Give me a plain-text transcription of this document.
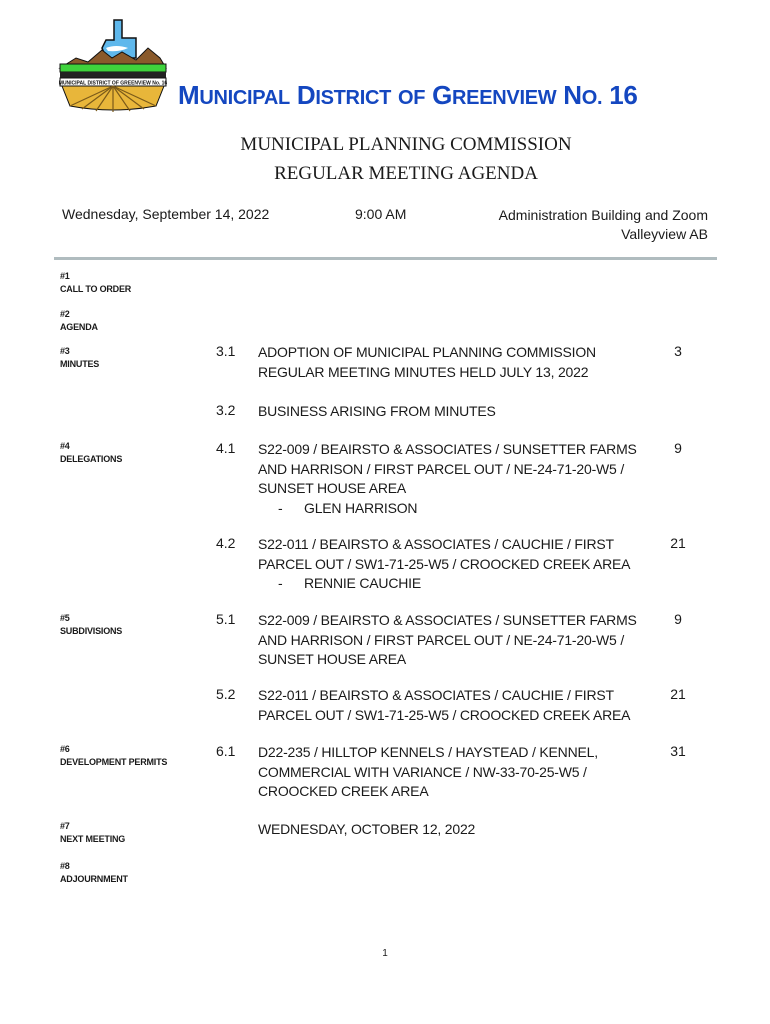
MUNICIPAL DISTRICT OF GREENVIEW No. 16 MUNICIPAL DISTRICT OF GREENVIEW NO. 16
MUNICIPAL PLANNING COMMISSION
REGULAR MEETING AGENDA
Wednesday, September 14, 2022	9:00 AM	Administration Building and Zoom
Valleyview AB
#1
CALL TO ORDER
#2
AGENDA
#3
MINUTES
#4
DELEGATIONS
#5
SUBDIVISIONS
#6
DEVELOPMENT PERMITS
#7
NEXT MEETING
#8
ADJOURNMENT
3.1 ADOPTION OF MUNICIPAL PLANNING COMMISSION REGULAR MEETING MINUTES HELD JULY 13, 2022
3
3.2 BUSINESS ARISING FROM MINUTES
4.1 S22-009 / BEAIRSTO & ASSOCIATES / SUNSETTER FARMS AND HARRISON / FIRST PARCEL OUT / NE-24-71-20-W5 / SUNSET HOUSE AREA
- GLEN HARRISON
9
4.2 S22-011 / BEAIRSTO & ASSOCIATES / CAUCHIE / FIRST PARCEL OUT / SW1-71-25-W5 / CROOCKED CREEK AREA
- RENNIE CAUCHIE
21
5.1 S22-009 / BEAIRSTO & ASSOCIATES / SUNSETTER FARMS AND HARRISON / FIRST PARCEL OUT / NE-24-71-20-W5 / SUNSET HOUSE AREA
9
5.2 S22-011 / BEAIRSTO & ASSOCIATES / CAUCHIE / FIRST PARCEL OUT / SW1-71-25-W5 / CROOCKED CREEK AREA
21
6.1 D22-235 / HILLTOP KENNELS / HAYSTEAD / KENNEL, COMMERCIAL WITH VARIANCE / NW-33-70-25-W5 / CROOCKED CREEK AREA
31
WEDNESDAY, OCTOBER 12, 2022
1
